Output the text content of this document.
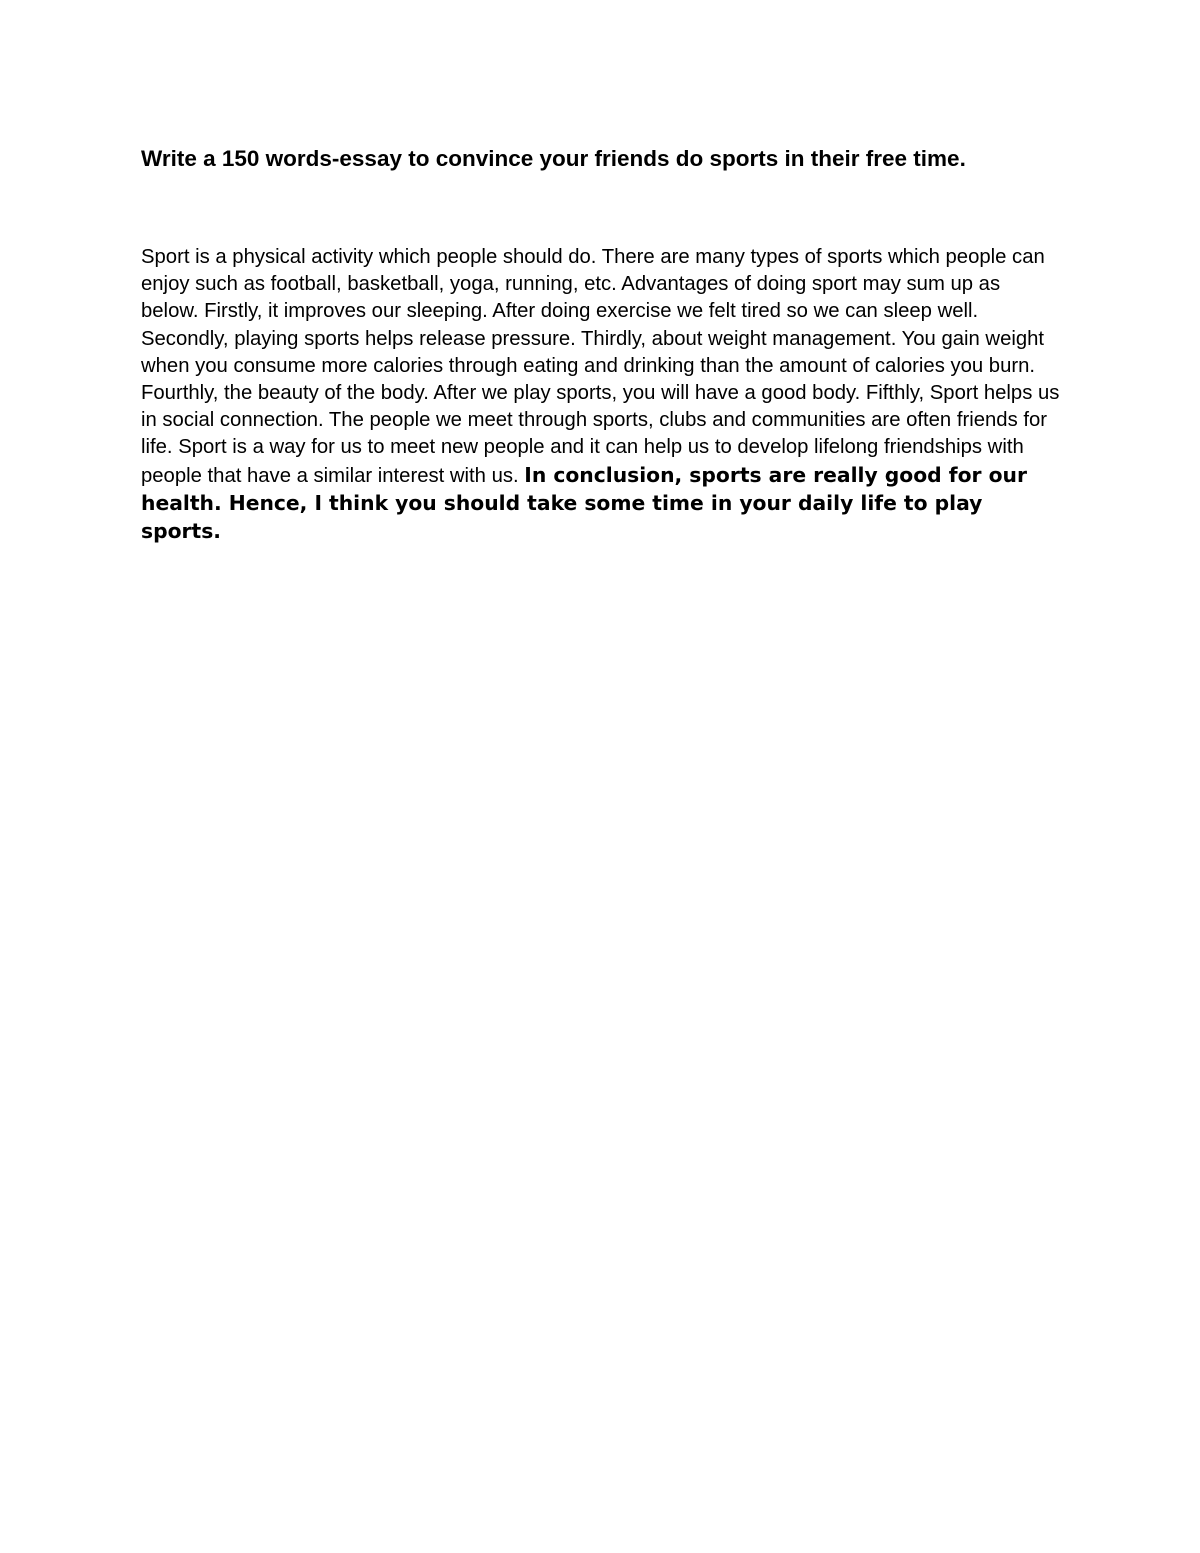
Write a 150 words-essay to convince your friends do sports in their free time.

Sport is a physical activity which people should do. There are many types of sports which people can enjoy such as football, basketball, yoga, running, etc. Advantages of doing sport may sum up as below. Firstly, it improves our sleeping. After doing exercise we felt tired so we can sleep well. Secondly, playing sports helps release pressure. Thirdly, about weight management. You gain weight when you consume more calories through eating and drinking than the amount of calories you burn. Fourthly, the beauty of the body. After we play sports, you will have a good body. Fifthly, Sport helps us in social connection. The people we meet through sports, clubs and communities are often friends for life. Sport is a way for us to meet new people and it can help us to develop lifelong friendships with people that have a similar interest with us. In conclusion, sports are really good for our health. Hence, I think you should take some time in your daily life to play sports.
